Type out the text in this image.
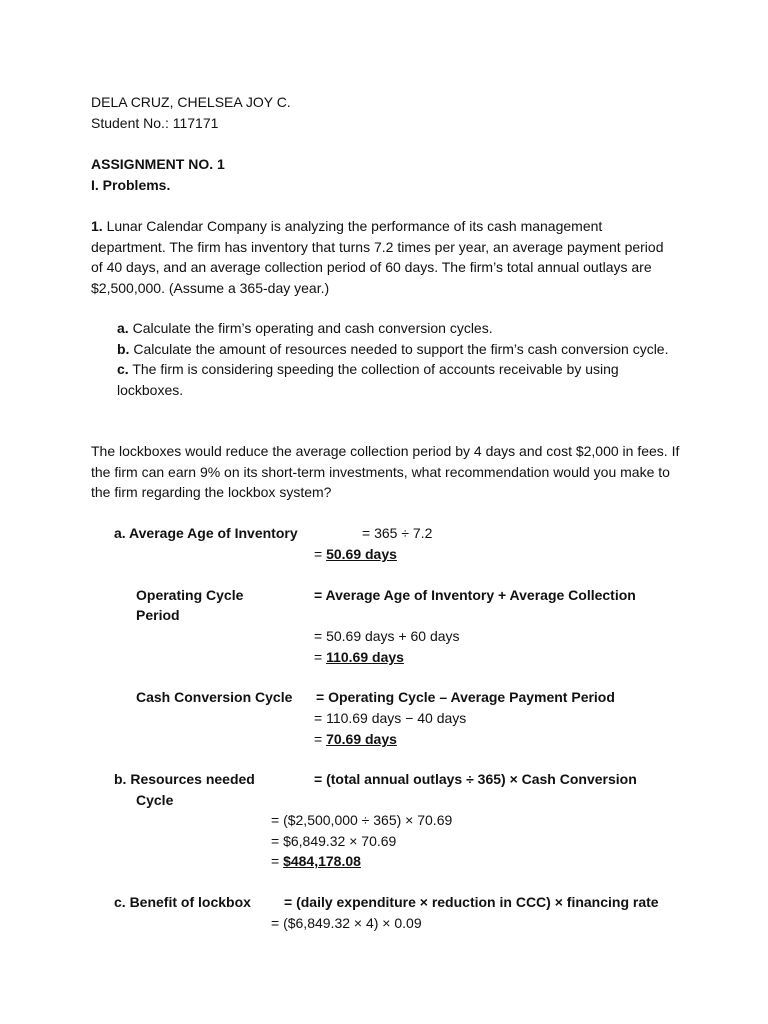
DELA CRUZ, CHELSEA JOY C.

Student No.: 117171

ASSIGNMENT NO. 1

I. Problems.

1. Lunar Calendar Company is analyzing the performance of its cash management department. The firm has inventory that turns 7.2 times per year, an average payment period of 40 days, and an average collection period of 60 days. The firm’s total annual outlays are $2,500,000. (Assume a 365-day year.)

a. Calculate the firm’s operating and cash conversion cycles.

b. Calculate the amount of resources needed to support the firm’s cash conversion cycle.

c. The firm is considering speeding the collection of accounts receivable by using lockboxes.

The lockboxes would reduce the average collection period by 4 days and cost $2,000 in fees. If the firm can earn 9% on its short-term investments, what recommendation would you make to the firm regarding the lockbox system?

a. Average Age of Inventory	= 365 ÷ 7.2
= 50.69 days
Operating Cycle
Period
= Average Age of Inventory + Average Collection
= 50.69 days + 60 days
= 110.69 days
Cash Conversion Cycle = Operating Cycle – Average Payment Period
= 110.69 days − 40 days
= 70.69 days
b. Resources needed
Cycle
= (total annual outlays ÷ 365) × Cash Conversion
= ($2,500,000 ÷ 365) × 70.69
= $6,849.32 × 70.69
= $484,178.08
c. Benefit of lockbox = (daily expenditure × reduction in CCC) × financing rate
= ($6,849.32 × 4) × 0.09
